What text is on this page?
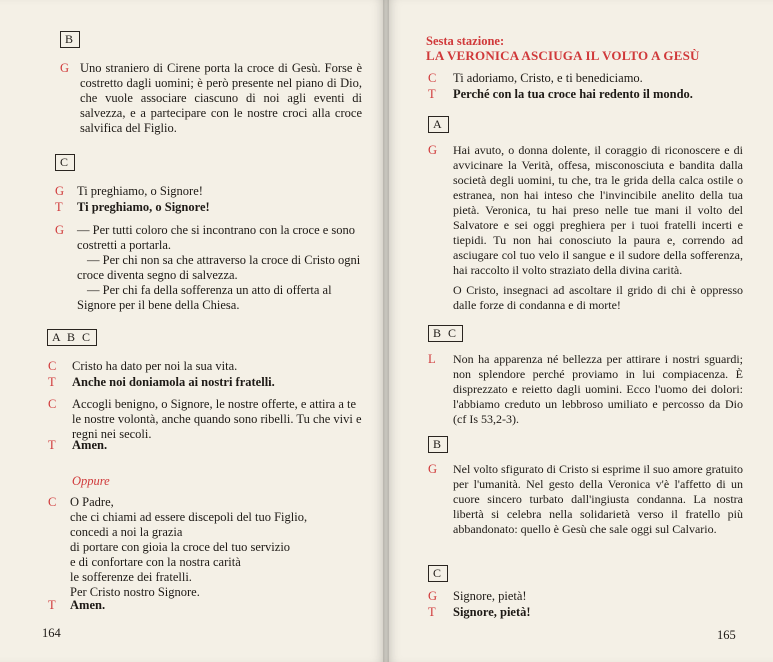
B
G Uno straniero di Cirene porta la croce di Gesù. Forse è costretto dagli uomini; è però presente nel piano di Dio, che vuole associare ciascuno di noi agli eventi di salvezza, e a partecipare con le nostre croci alla croce salvifica del Figlio.
C
G Ti preghiamo, o Signore!
T Ti preghiamo, o Signore!
G — Per tutti coloro che si incontrano con la croce e sono costretti a portarla.
— Per chi non sa che attraverso la croce di Cristo ogni croce diventa segno di salvezza.
— Per chi fa della sofferenza un atto di offerta al Signore per il bene della Chiesa.
A B C
C Cristo ha dato per noi la sua vita.
T Anche noi doniamola ai nostri fratelli.
C Accogli benigno, o Signore, le nostre offerte, e attira a te le nostre volontà, anche quando sono ribelli. Tu che vivi e regni nei secoli.
T Amen.
Oppure
C O Padre,
che ci chiami ad essere discepoli del tuo Figlio,
concedi a noi la grazia
di portare con gioia la croce del tuo servizio
e di confortare con la nostra carità
le sofferenze dei fratelli.
Per Cristo nostro Signore.
T Amen.
164
Sesta stazione:
LA VERONICA ASCIUGA IL VOLTO A GESÙ
C Ti adoriamo, Cristo, e ti benediciamo.
T Perché con la tua croce hai redento il mondo.
A
G Hai avuto, o donna dolente, il coraggio di riconoscere e di avvicinare la Verità, offesa, misconosciuta e bandita dalla società degli uomini, tu che, tra le grida della calca ostile o estranea, non hai inteso che l'invincibile anelito della tua pietà. Veronica, tu hai preso nelle tue mani il volto del Salvatore e sei oggi preghiera per i tuoi fratelli incerti e tiepidi. Tu non hai conosciuto la paura e, correndo ad asciugare col tuo velo il sangue e il sudore della sofferenza, hai raccolto il volto straziato della divina carità.
O Cristo, insegnaci ad ascoltare il grido di chi è oppresso dalle forze di condanna e di morte!
B C
L Non ha apparenza né bellezza per attirare i nostri sguardi; non splendore perché proviamo in lui compiacenza. È disprezzato e reietto dagli uomini. Ecco l'uomo dei dolori: l'abbiamo creduto un lebbroso umiliato e percosso da Dio (cf Is 53,2-3).
B
G Nel volto sfigurato di Cristo si esprime il suo amore gratuito per l'umanità. Nel gesto della Veronica v'è l'affetto di un cuore sincero turbato dall'ingiusta condanna. La nostra libertà si celebra nella solidarietà verso il fratello più abbandonato: quello è Gesù che sale oggi sul Calvario.
C
G Signore, pietà!
T Signore, pietà!
165
